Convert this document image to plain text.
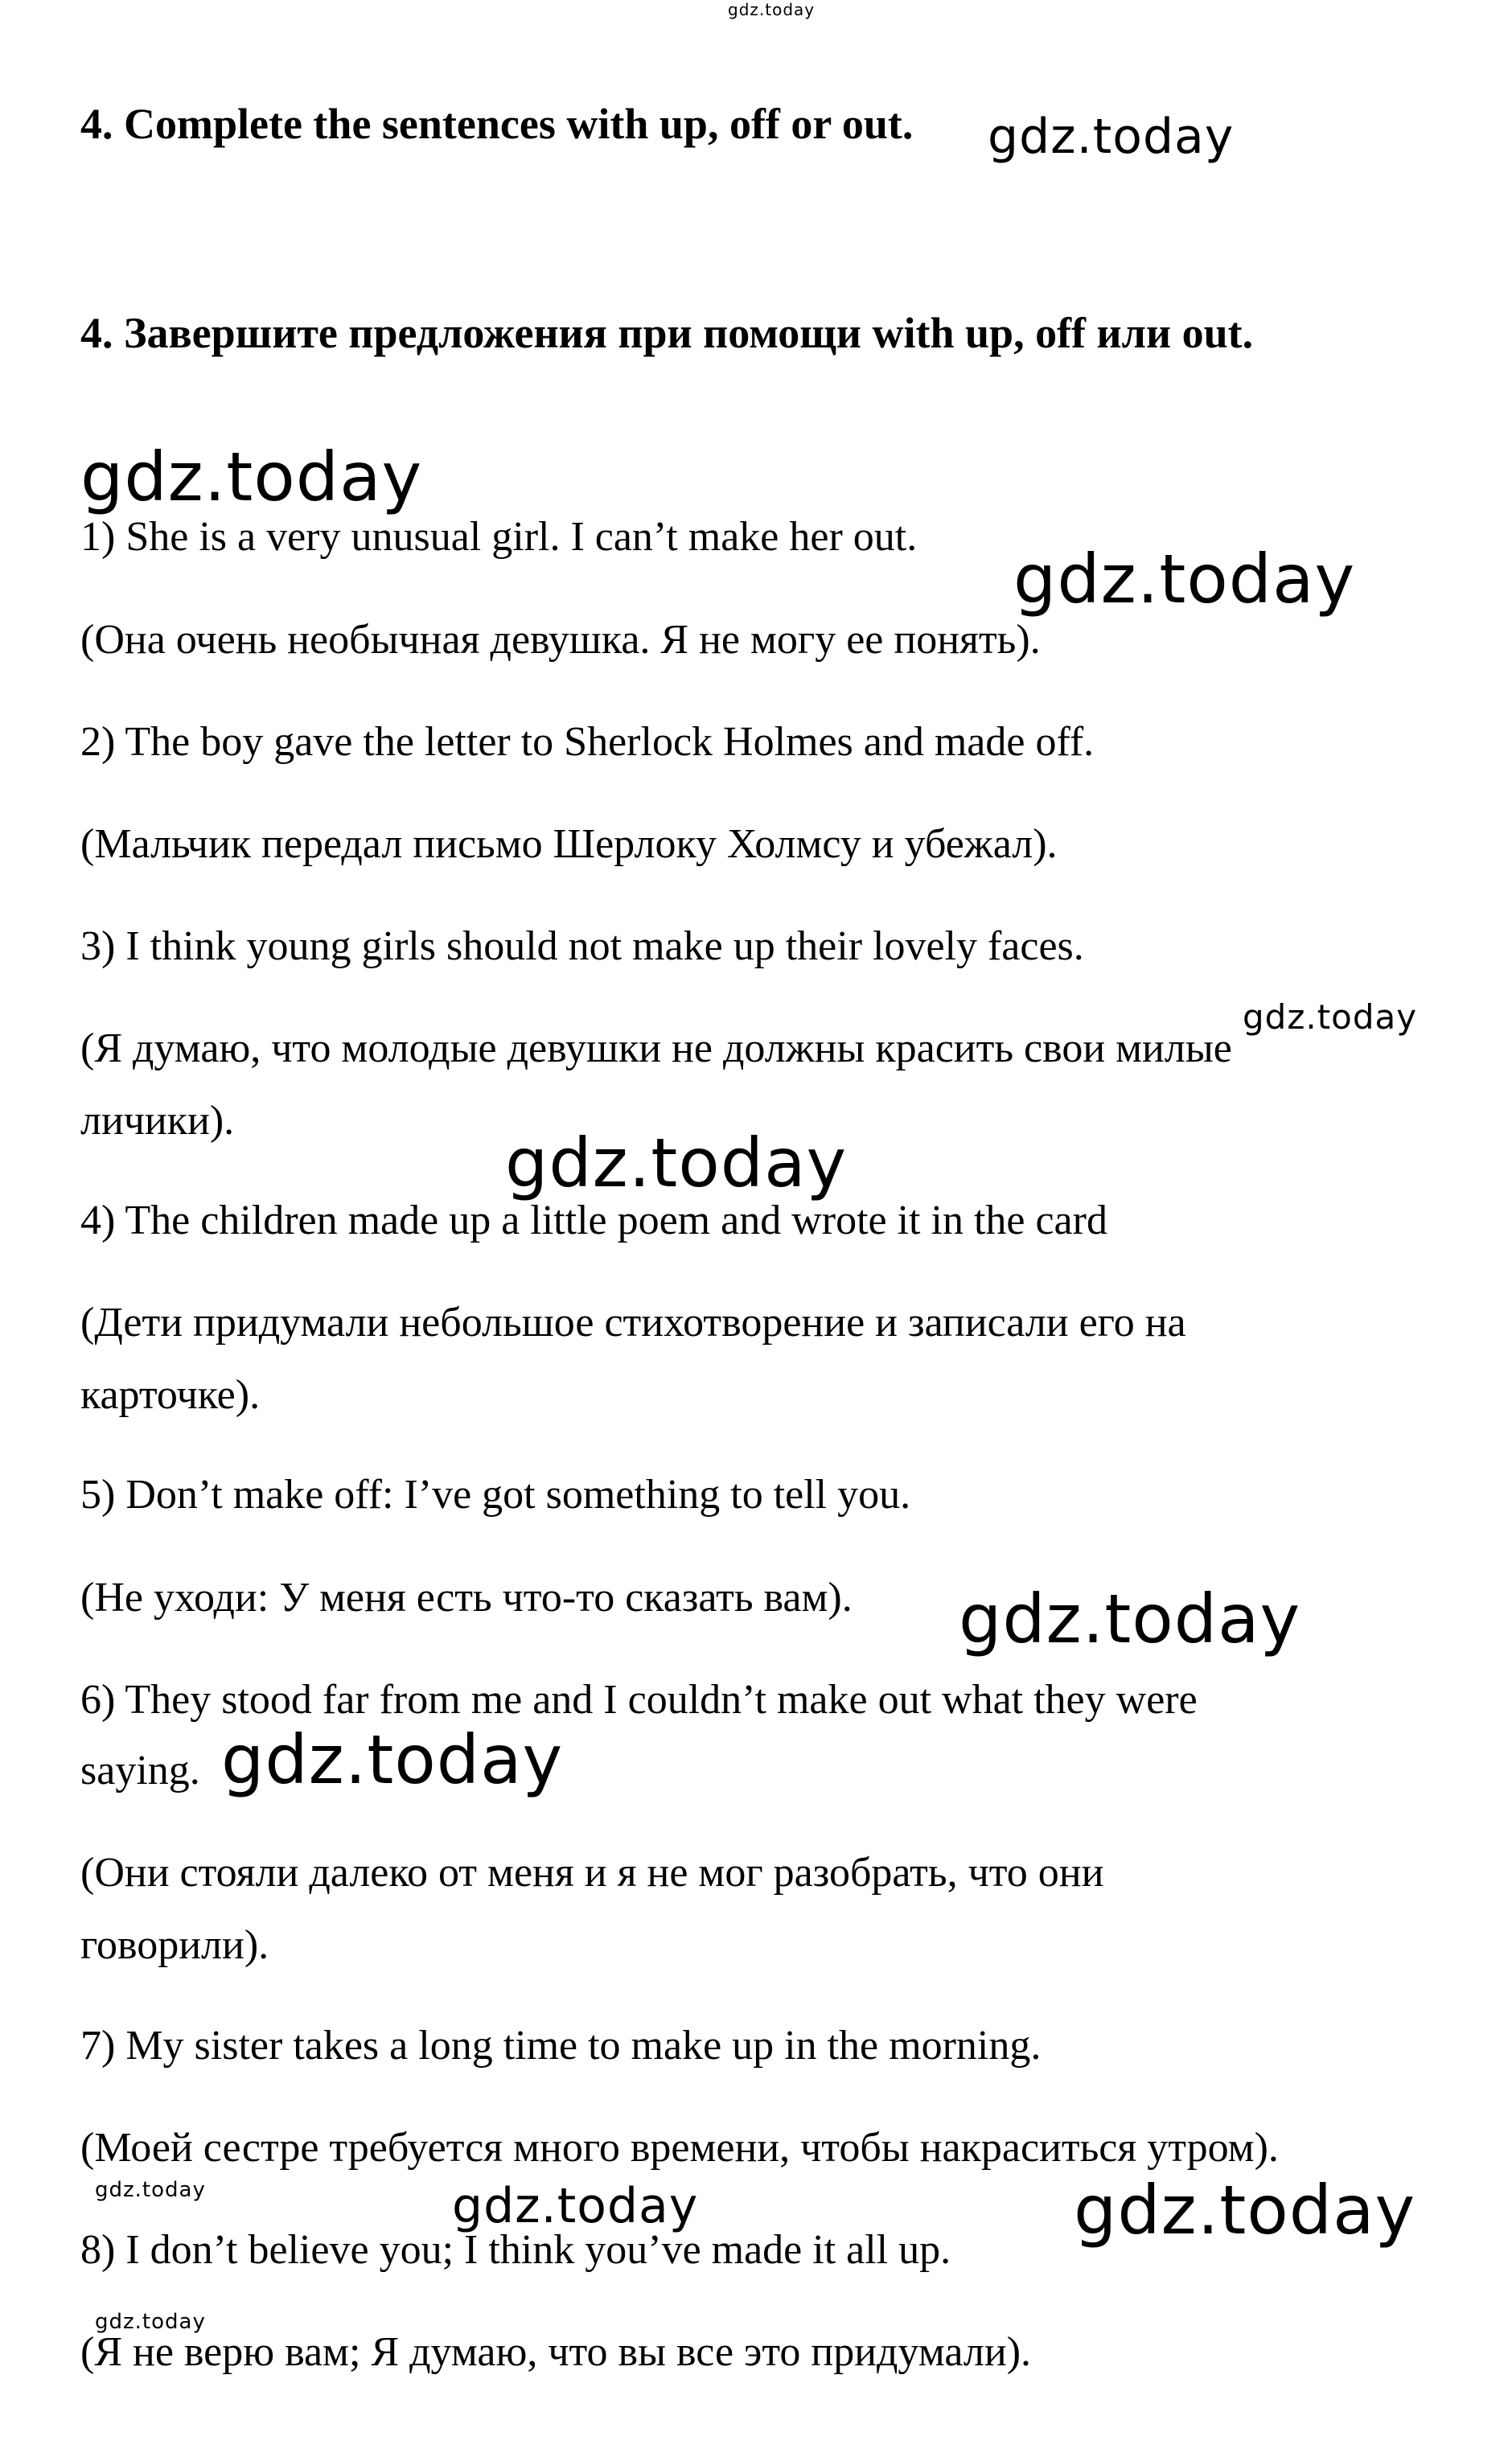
gdz.today
gdz.today
gdz.today
gdz.today
gdz.today
gdz.today
gdz.today
gdz.today
gdz.today	gdz.today	gdz.today
gdz.today
4. Complete the sentences with up, off or out.
4. Завершите предложения при помощи with up, off или out.
1) She is a very unusual girl. I can’t make her out.
(Она очень необычная девушка. Я не могу ее понять).
2) The boy gave the letter to Sherlock Holmes and made off.
(Мальчик передал письмо Шерлоку Холмсу и убежал).
3) I think young girls should not make up their lovely faces.
(Я думаю, что молодые девушки не должны красить свои милые
личики).
4) The children made up a little poem and wrote it in the card
(Дети придумали небольшое стихотворение и записали его на
карточке).
5) Don’t make off: I’ve got something to tell you.
(Не уходи: У меня есть что-то сказать вам).
6) They stood far from me and I couldn’t make out what they were
saying.
(Они стояли далеко от меня и я не мог разобрать, что они
говорили).
7) My sister takes a long time to make up in the morning.
(Моей сестре требуется много времени, чтобы накраситься утром).
8) I don’t believe you; I think you’ve made it all up.
(Я не верю вам; Я думаю, что вы все это придумали).
